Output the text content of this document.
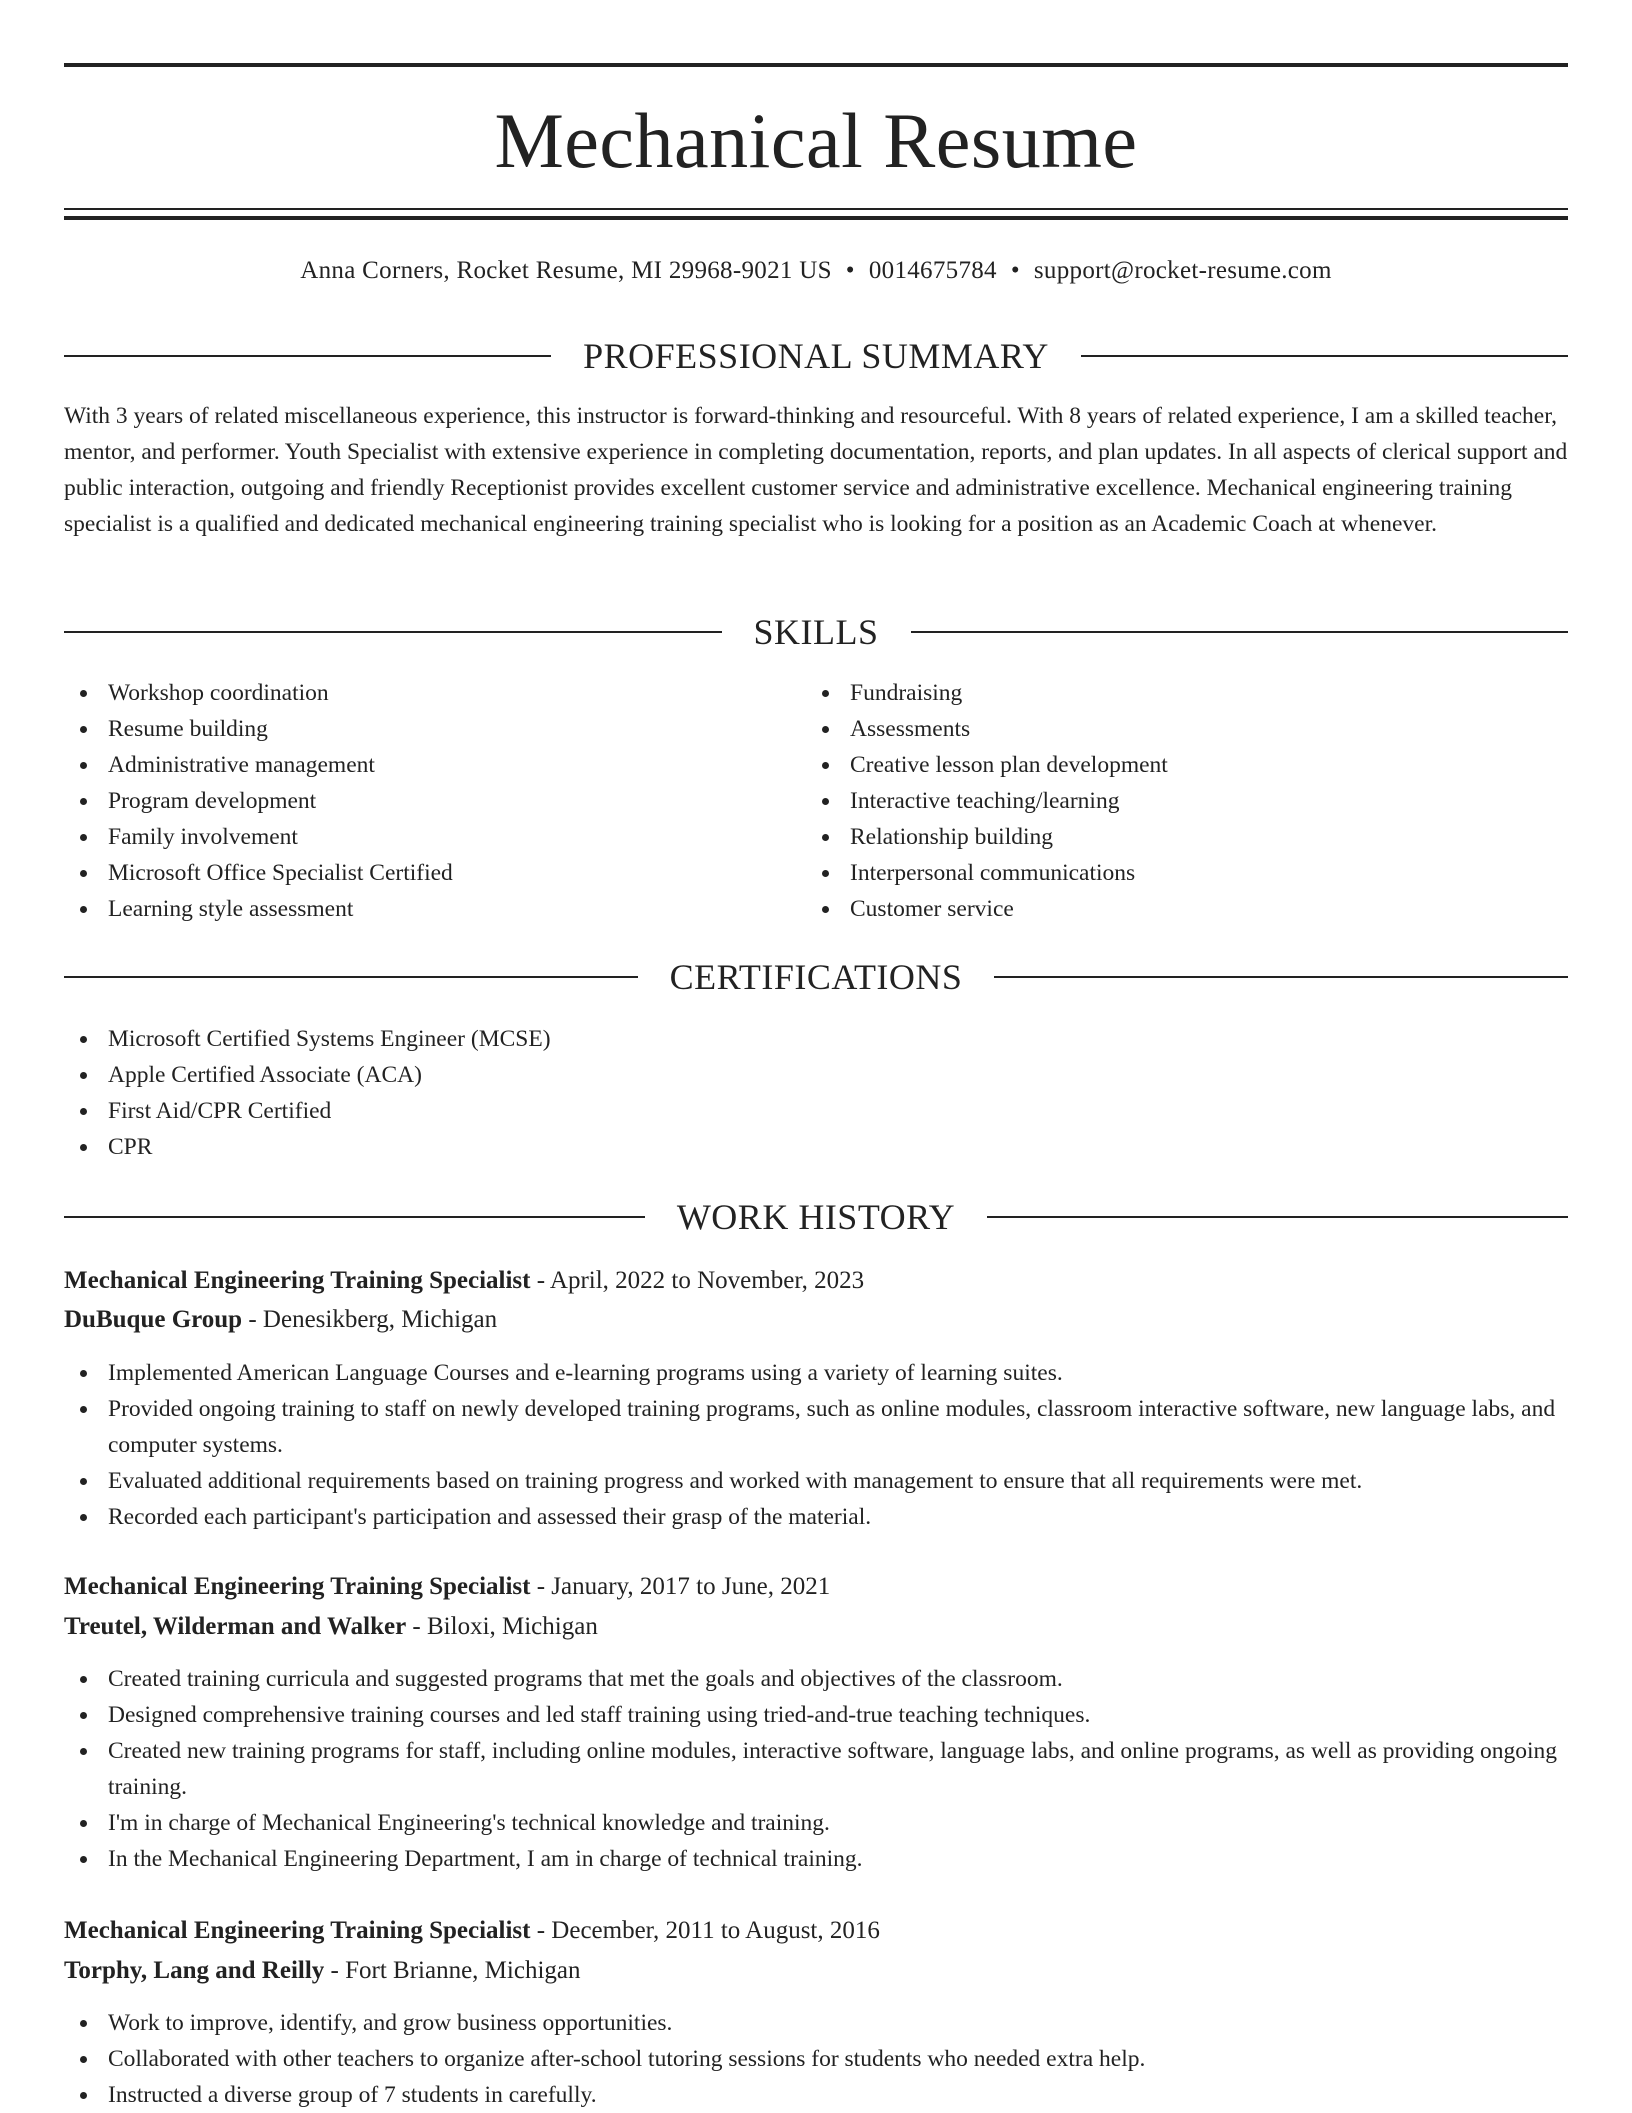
Mechanical Resume
Anna Corners, Rocket Resume, MI 29968-9021 US • 0014675784 • support@rocket-resume.com
PROFESSIONAL SUMMARY

With 3 years of related miscellaneous experience, this instructor is forward-thinking and resourceful. With 8 years of related experience, I am a skilled teacher, mentor, and performer. Youth Specialist with extensive experience in completing documentation, reports, and plan updates. In all aspects of clerical support and public interaction, outgoing and friendly Receptionist provides excellent customer service and administrative excellence. Mechanical engineering training specialist is a qualified and dedicated mechanical engineering training specialist who is looking for a position as an Academic Coach at whenever.

SKILLS
Workshop coordination
Resume building
Administrative management
Program development
Family involvement
Microsoft Office Specialist Certified
Learning style assessment
Fundraising
Assessments
Creative lesson plan development
Interactive teaching/learning
Relationship building
Interpersonal communications
Customer service
CERTIFICATIONS
Microsoft Certified Systems Engineer (MCSE)
Apple Certified Associate (ACA)
First Aid/CPR Certified
CPR
WORK HISTORY
Mechanical Engineering Training Specialist - April, 2022 to November, 2023
DuBuque Group - Denesikberg, Michigan
Implemented American Language Courses and e-learning programs using a variety of learning suites.
Provided ongoing training to staff on newly developed training programs, such as online modules, classroom interactive software, new language labs, and computer systems.
Evaluated additional requirements based on training progress and worked with management to ensure that all requirements were met.
Recorded each participant's participation and assessed their grasp of the material.
Mechanical Engineering Training Specialist - January, 2017 to June, 2021
Treutel, Wilderman and Walker - Biloxi, Michigan
Created training curricula and suggested programs that met the goals and objectives of the classroom.
Designed comprehensive training courses and led staff training using tried-and-true teaching techniques.
Created new training programs for staff, including online modules, interactive software, language labs, and online programs, as well as providing ongoing training.
I'm in charge of Mechanical Engineering's technical knowledge and training.
In the Mechanical Engineering Department, I am in charge of technical training.
Mechanical Engineering Training Specialist - December, 2011 to August, 2016
Torphy, Lang and Reilly - Fort Brianne, Michigan
Work to improve, identify, and grow business opportunities.
Collaborated with other teachers to organize after-school tutoring sessions for students who needed extra help.
Instructed a diverse group of 7 students in carefully.
